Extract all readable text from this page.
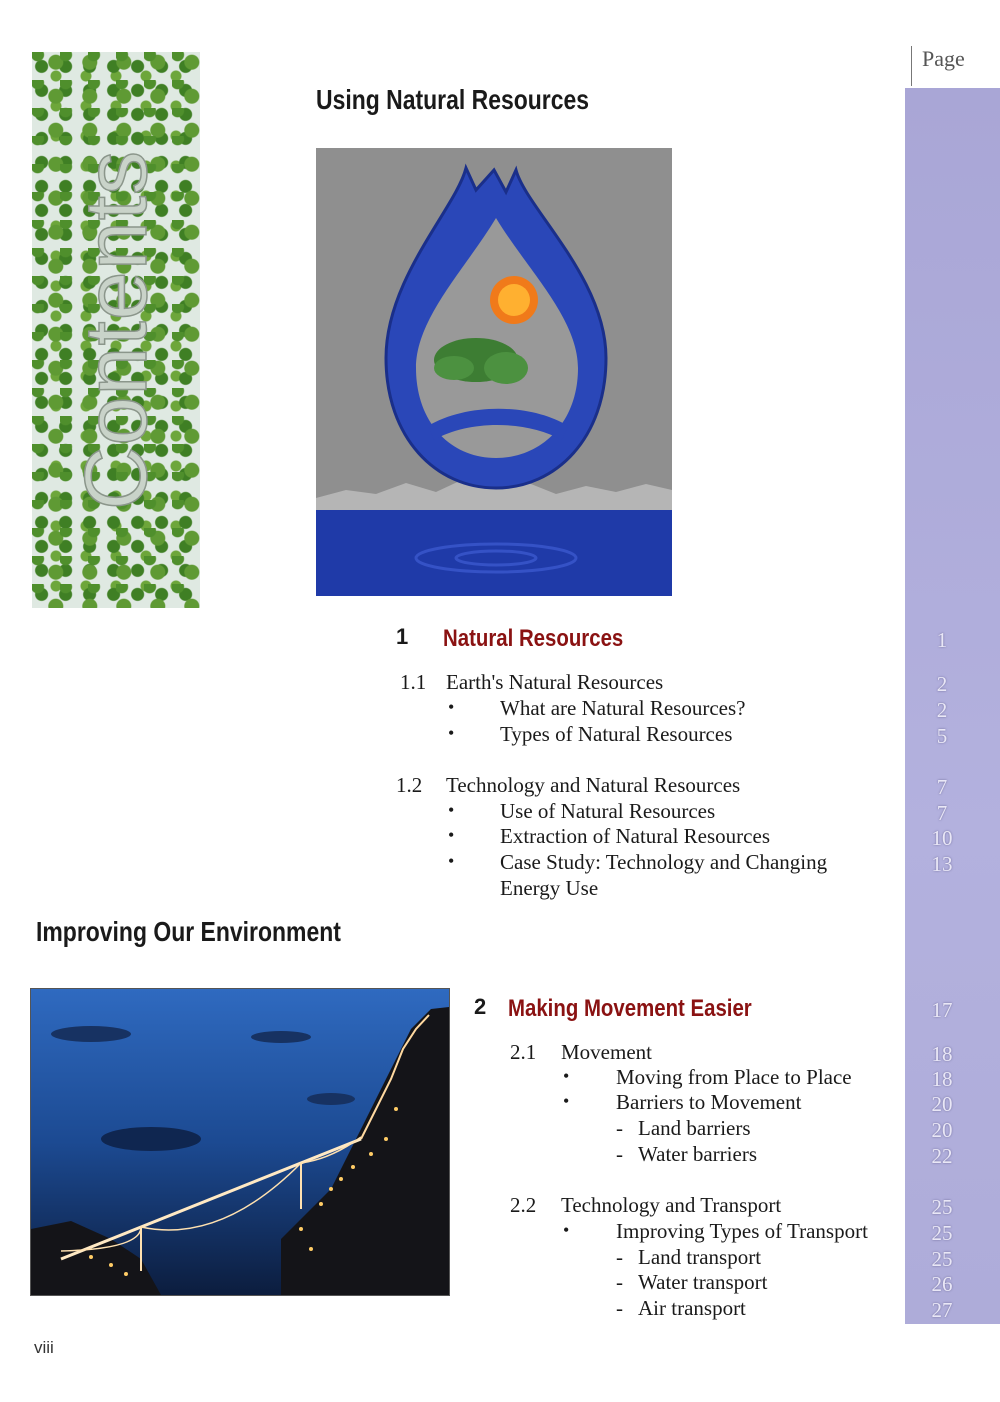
Contents
Page
Using Natural Resources
1 Natural Resources	1
1.1 Earth's Natural Resources	2
• What are Natural Resources?	2
• Types of Natural Resources	5
1.2 Technology and Natural Resources	7
• Use of Natural Resources	7
• Extraction of Natural Resources	10
• Case Study: Technology and Changing
Energy Use
13
Improving Our Environment
2 Making Movement Easier	17
2.1 Movement	18
• Moving from Place to Place	18
• Barriers to Movement	20
- Land barriers	20
- Water barriers	22
2.2 Technology and Transport	25
• Improving Types of Transport	25
- Land transport	25
- Water transport	26
- Air transport	27
viii
